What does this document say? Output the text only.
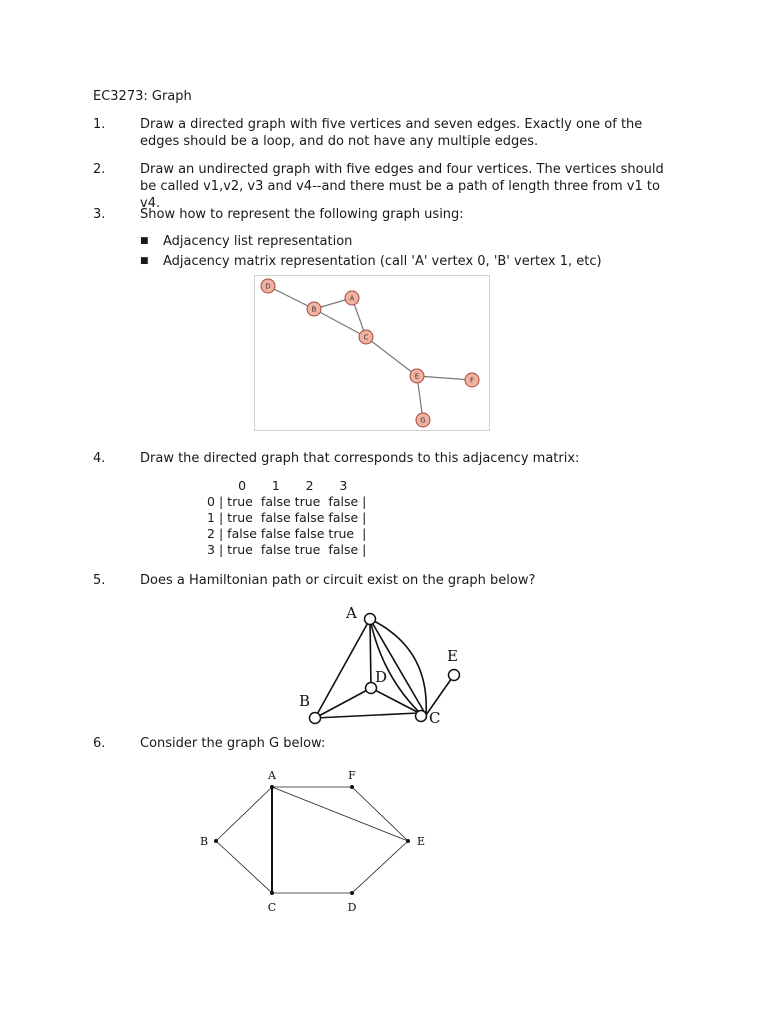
EC3273: Graph
1.	Draw a directed graph with five vertices and seven edges. Exactly one of the edges should be a loop, and do not have any multiple edges.
2.	Draw an undirected graph with five edges and four vertices. The vertices should be called v1,v2, v3 and v4--and there must be a path of length three from v1 to v4.
3.	Show how to represent the following graph using:
■ Adjacency list representation
■ Adjacency matrix representation (call 'A' vertex 0, 'B' vertex 1, etc)
D
B
A
C
E	F
G
4.	Draw the directed graph that corresponds to this adjacency matrix:
		0	1	2	3	
0	|	true	false	true	false	|
1	|	true	false	false	false	|
2	|	false	false	false	true	|
3	|	true	false	true	false	|
5.	Does a Hamiltonian path or circuit exist on the graph below?
A
B
C
D
E
6.	Consider the graph G below:
A	F
B	E
C	D
